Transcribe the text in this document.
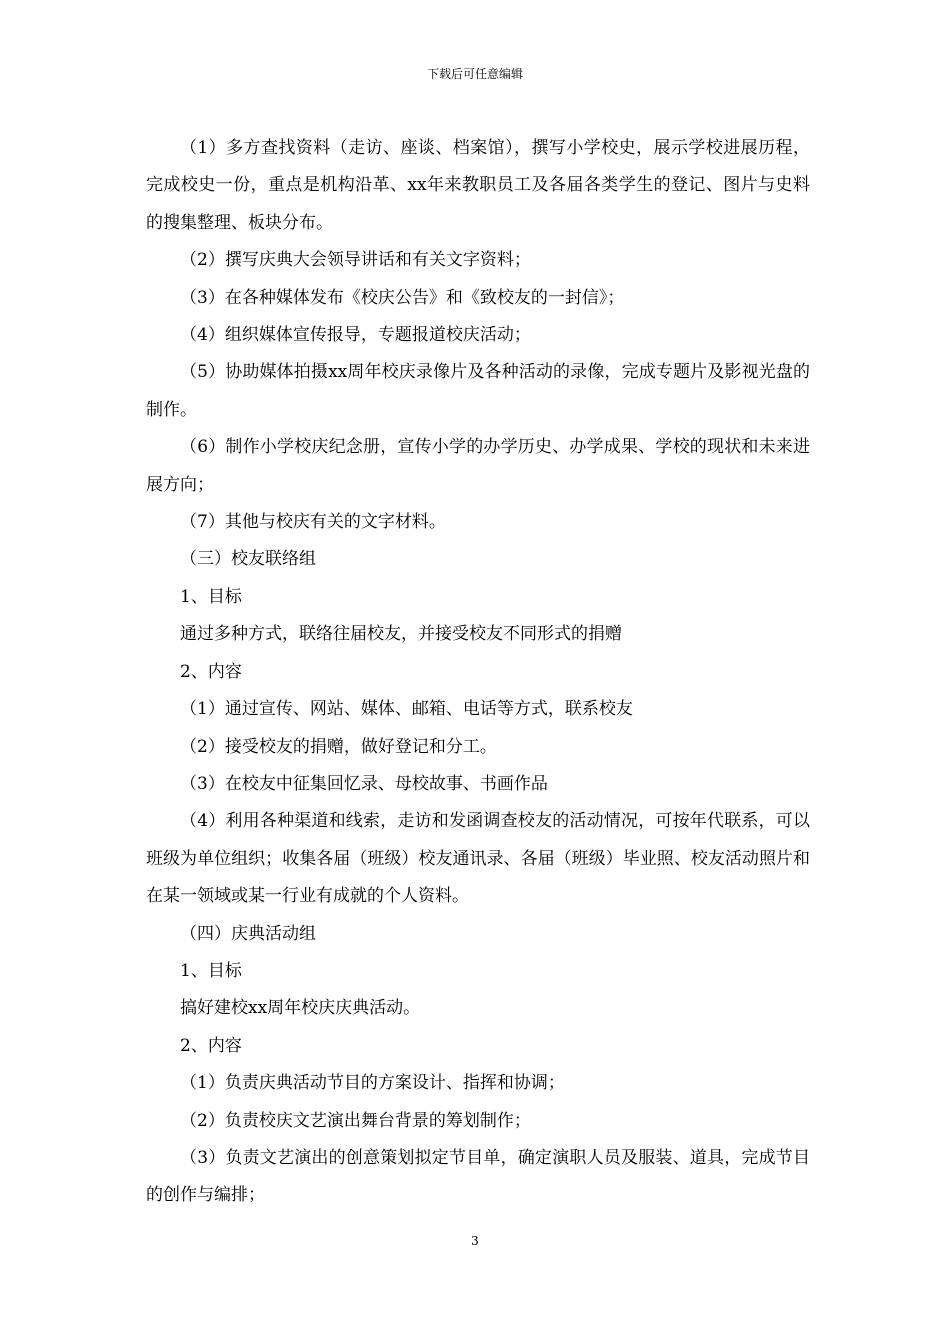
下载后可任意编辑

（1）多方查找资料（走访、座谈、档案馆），撰写小学校史，展示学校进展历程，完成校史一份，重点是机构沿革、xx年来教职员工及各届各类学生的登记、图片与史料的搜集整理、板块分布。

（2）撰写庆典大会领导讲话和有关文字资料；

（3）在各种媒体发布《校庆公告》和《致校友的一封信》；

（4）组织媒体宣传报导，专题报道校庆活动；

（5）协助媒体拍摄xx周年校庆录像片及各种活动的录像，完成专题片及影视光盘的制作。

（6）制作小学校庆纪念册，宣传小学的办学历史、办学成果、学校的现状和未来进展方向；

（7）其他与校庆有关的文字材料。

（三）校友联络组

1、目标

通过多种方式，联络往届校友，并接受校友不同形式的捐赠

2、内容

（1）通过宣传、网站、媒体、邮箱、电话等方式，联系校友

（2）接受校友的捐赠，做好登记和分工。

（3）在校友中征集回忆录、母校故事、书画作品

（4）利用各种渠道和线索，走访和发函调查校友的活动情况，可按年代联系，可以班级为单位组织；收集各届（班级）校友通讯录、各届（班级）毕业照、校友活动照片和在某一领域或某一行业有成就的个人资料。

（四）庆典活动组

1、目标

搞好建校xx周年校庆庆典活动。

2、内容

（1）负责庆典活动节目的方案设计、指挥和协调；

（2）负责校庆文艺演出舞台背景的筹划制作；

（3）负责文艺演出的创意策划拟定节目单，确定演职人员及服装、道具，完成节目的创作与编排；

3
